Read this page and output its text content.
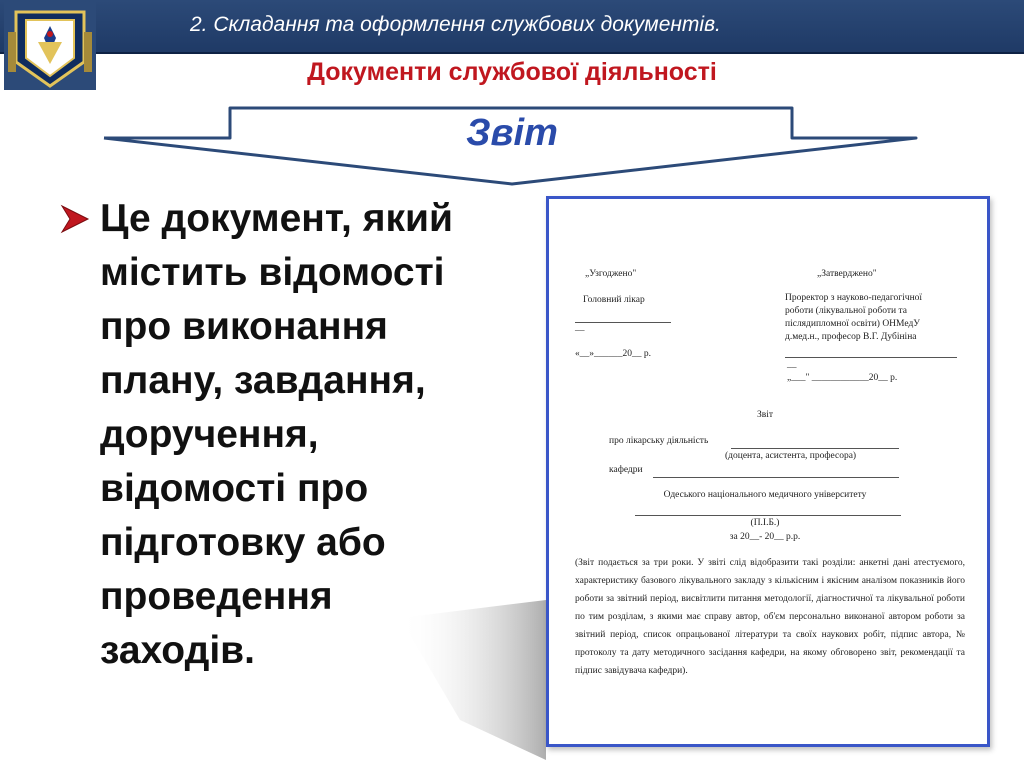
2. Складання та оформлення службових документів.
Документи службової діяльності
Звіт
Це документ, який
містить відомості
про виконання
плану, завдання,
доручення,
відомості про
підготовку або
проведення
заходів.
„Узгоджено"
Головний лікар
__
«__»______20__ р.
„Затверджено"
Проректор з науково-педагогічної
роботи (лікувальної роботи та
післядипломної освіти) ОНМедУ
д.мед.н., професор В.Г. Дубініна
__
„___" ____________20__ р.
Звіт
про лікарську діяльність
(доцента, асистента, професора)
кафедри
Одеського національного медичного університету
(П.І.Б.)
за 20__- 20__ р.р.
(Звіт подається за три роки. У звіті слід відобразити такі розділи: анкетні дані атестуємого, характеристику базового лікувального закладу з кількісним і якісним аналізом показників його роботи за звітний період, висвітлити питання методології, діагностичної та лікувальної роботи по тим розділам, з якими має справу автор, об'єм персонально виконаної автором роботи за звітний період, список опрацьованої літератури та своїх наукових робіт, підпис автора, № протоколу та дату методичного засідання кафедри, на якому обговорено звіт, рекомендації та підпис завідувача кафедри).
